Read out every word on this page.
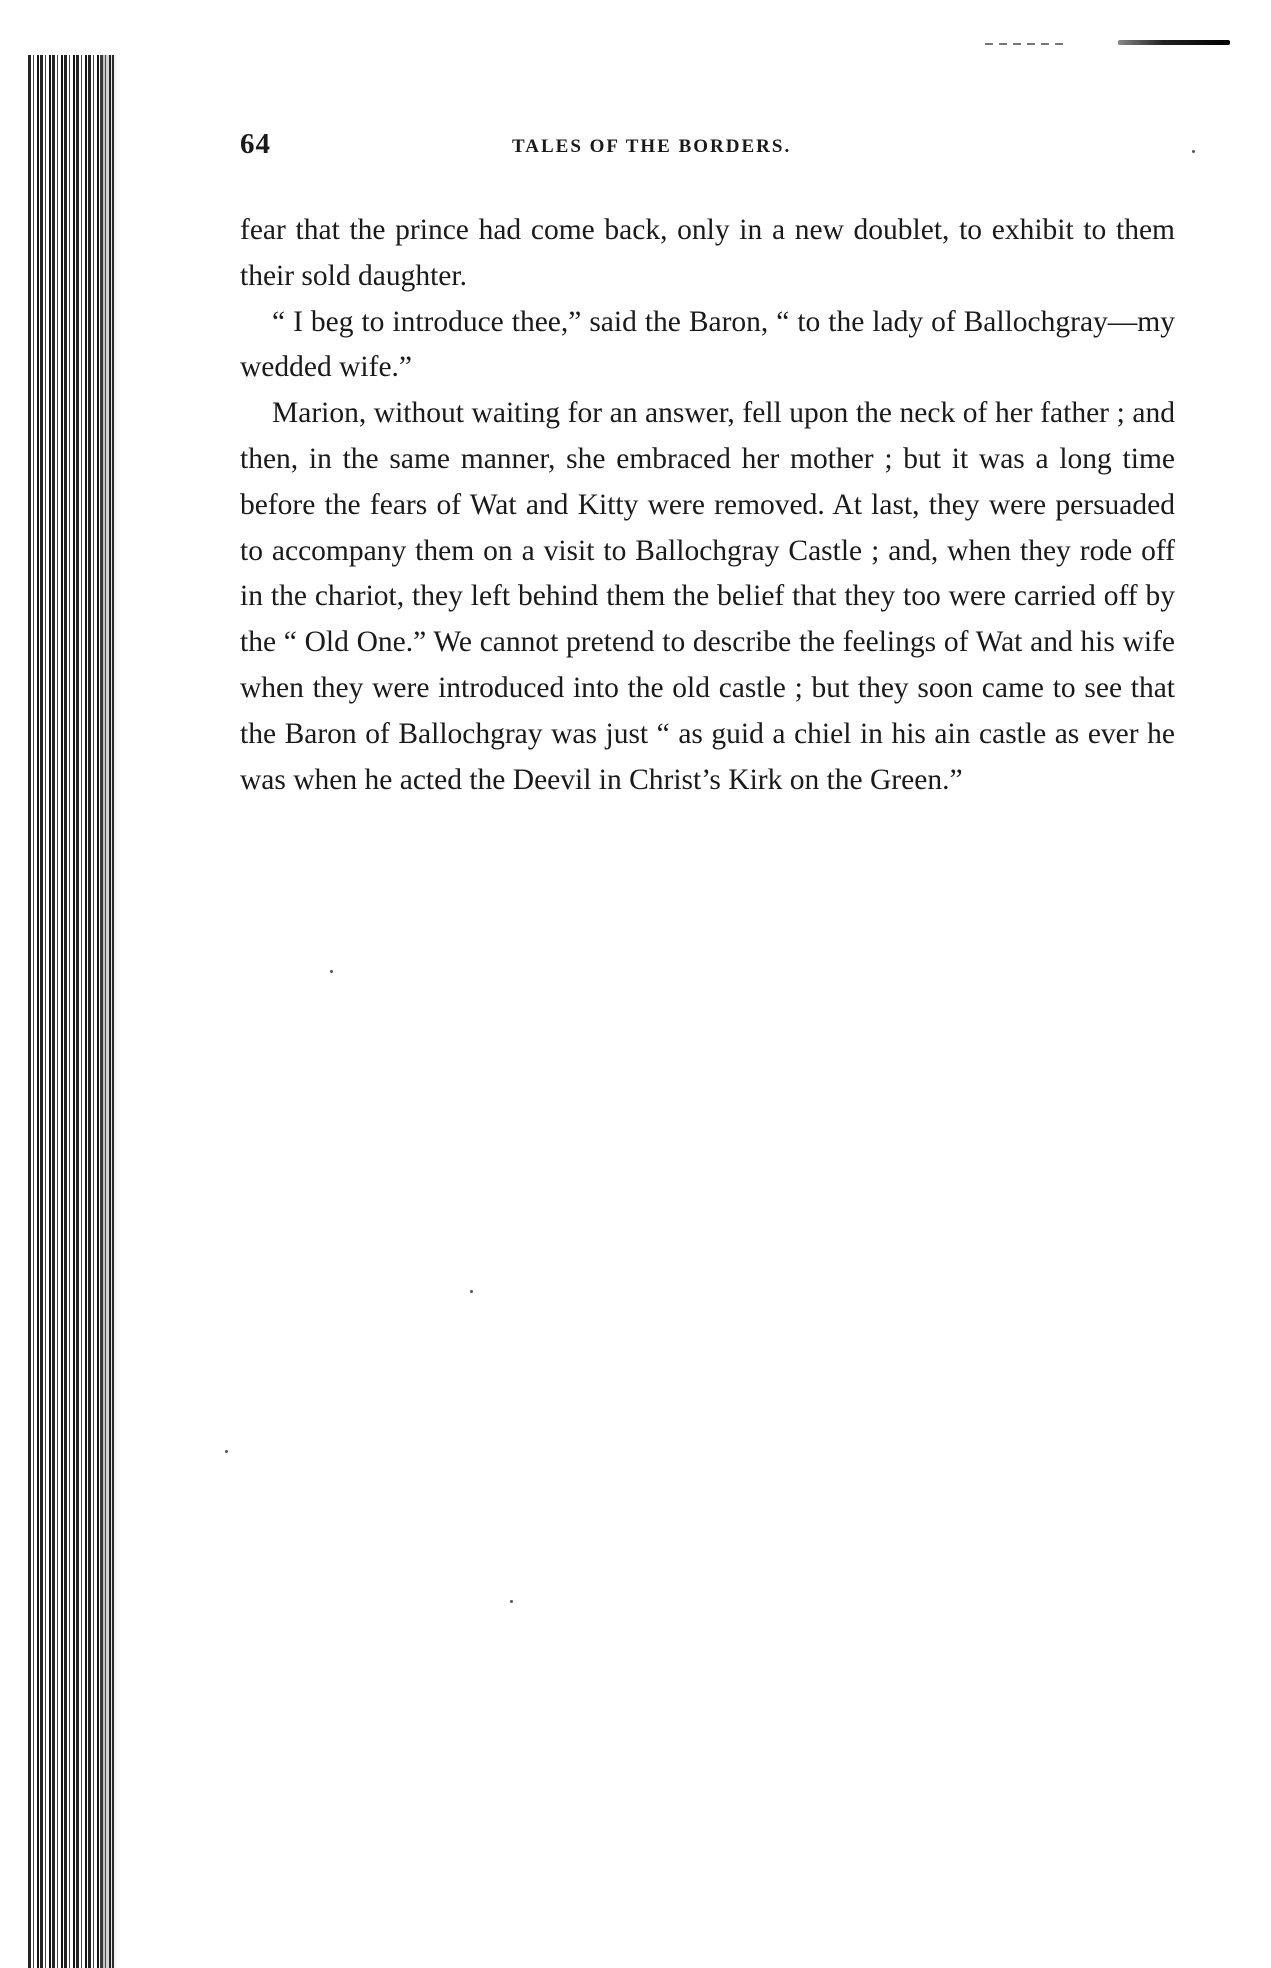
64	TALES OF THE BORDERS.

fear that the prince had come back, only in a new doublet, to exhibit to them their sold daughter.

“ I beg to introduce thee,” said the Baron, “ to the lady of Ballochgray—my wedded wife.”

Marion, without waiting for an answer, fell upon the neck of her father ; and then, in the same manner, she embraced her mother ; but it was a long time before the fears of Wat and Kitty were removed. At last, they were persuaded to accompany them on a visit to Ballochgray Castle ; and, when they rode off in the chariot, they left behind them the belief that they too were carried off by the “ Old One.” We cannot pretend to describe the feelings of Wat and his wife when they were introduced into the old castle ; but they soon came to see that the Baron of Ballochgray was just “ as guid a chiel in his ain castle as ever he was when he acted the Deevil in Christ’s Kirk on the Green.”
